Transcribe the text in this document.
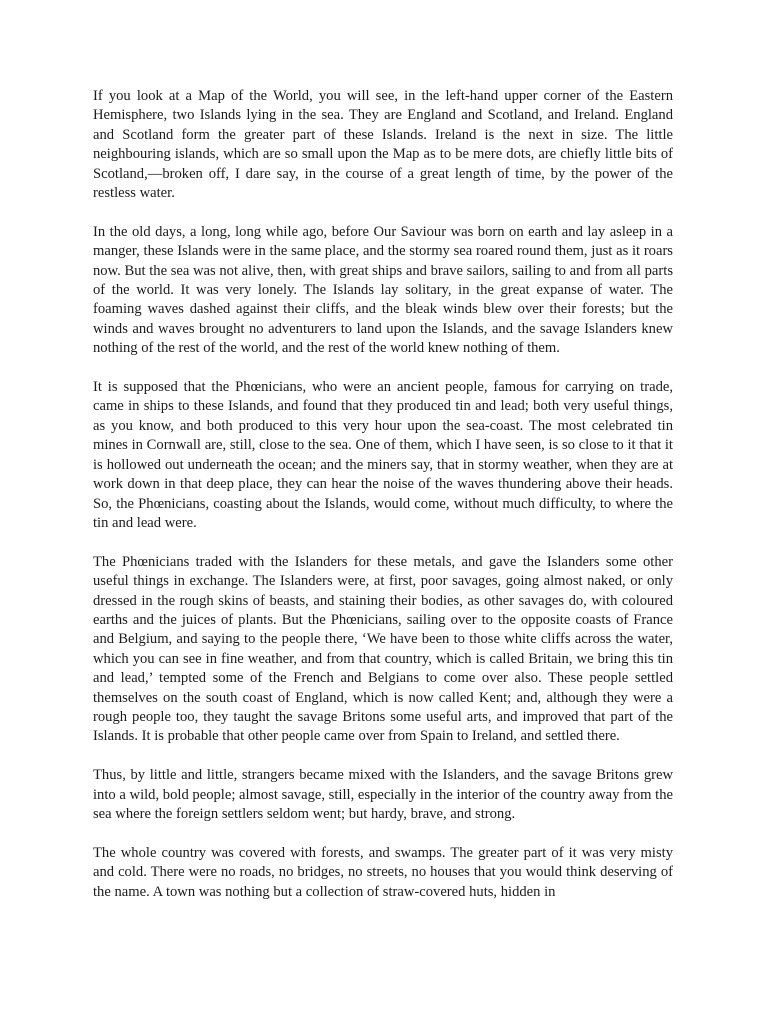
If you look at a Map of the World, you will see, in the left-hand upper corner of the Eastern Hemisphere, two Islands lying in the sea. They are England and Scotland, and Ireland. England and Scotland form the greater part of these Islands. Ireland is the next in size. The little neighbouring islands, which are so small upon the Map as to be mere dots, are chiefly little bits of Scotland,—broken off, I dare say, in the course of a great length of time, by the power of the restless water.

In the old days, a long, long while ago, before Our Saviour was born on earth and lay asleep in a manger, these Islands were in the same place, and the stormy sea roared round them, just as it roars now. But the sea was not alive, then, with great ships and brave sailors, sailing to and from all parts of the world. It was very lonely. The Islands lay solitary, in the great expanse of water. The foaming waves dashed against their cliffs, and the bleak winds blew over their forests; but the winds and waves brought no adventurers to land upon the Islands, and the savage Islanders knew nothing of the rest of the world, and the rest of the world knew nothing of them.

It is supposed that the Phœnicians, who were an ancient people, famous for carrying on trade, came in ships to these Islands, and found that they produced tin and lead; both very useful things, as you know, and both produced to this very hour upon the sea-coast. The most celebrated tin mines in Cornwall are, still, close to the sea. One of them, which I have seen, is so close to it that it is hollowed out underneath the ocean; and the miners say, that in stormy weather, when they are at work down in that deep place, they can hear the noise of the waves thundering above their heads. So, the Phœnicians, coasting about the Islands, would come, without much difficulty, to where the tin and lead were.

The Phœnicians traded with the Islanders for these metals, and gave the Islanders some other useful things in exchange. The Islanders were, at first, poor savages, going almost naked, or only dressed in the rough skins of beasts, and staining their bodies, as other savages do, with coloured earths and the juices of plants. But the Phœnicians, sailing over to the opposite coasts of France and Belgium, and saying to the people there, ‘We have been to those white cliffs across the water, which you can see in fine weather, and from that country, which is called Britain, we bring this tin and lead,’ tempted some of the French and Belgians to come over also. These people settled themselves on the south coast of England, which is now called Kent; and, although they were a rough people too, they taught the savage Britons some useful arts, and improved that part of the Islands. It is probable that other people came over from Spain to Ireland, and settled there.

Thus, by little and little, strangers became mixed with the Islanders, and the savage Britons grew into a wild, bold people; almost savage, still, especially in the interior of the country away from the sea where the foreign settlers seldom went; but hardy, brave, and strong.

The whole country was covered with forests, and swamps. The greater part of it was very misty and cold. There were no roads, no bridges, no streets, no houses that you would think deserving of the name. A town was nothing but a collection of straw-covered huts, hidden in
